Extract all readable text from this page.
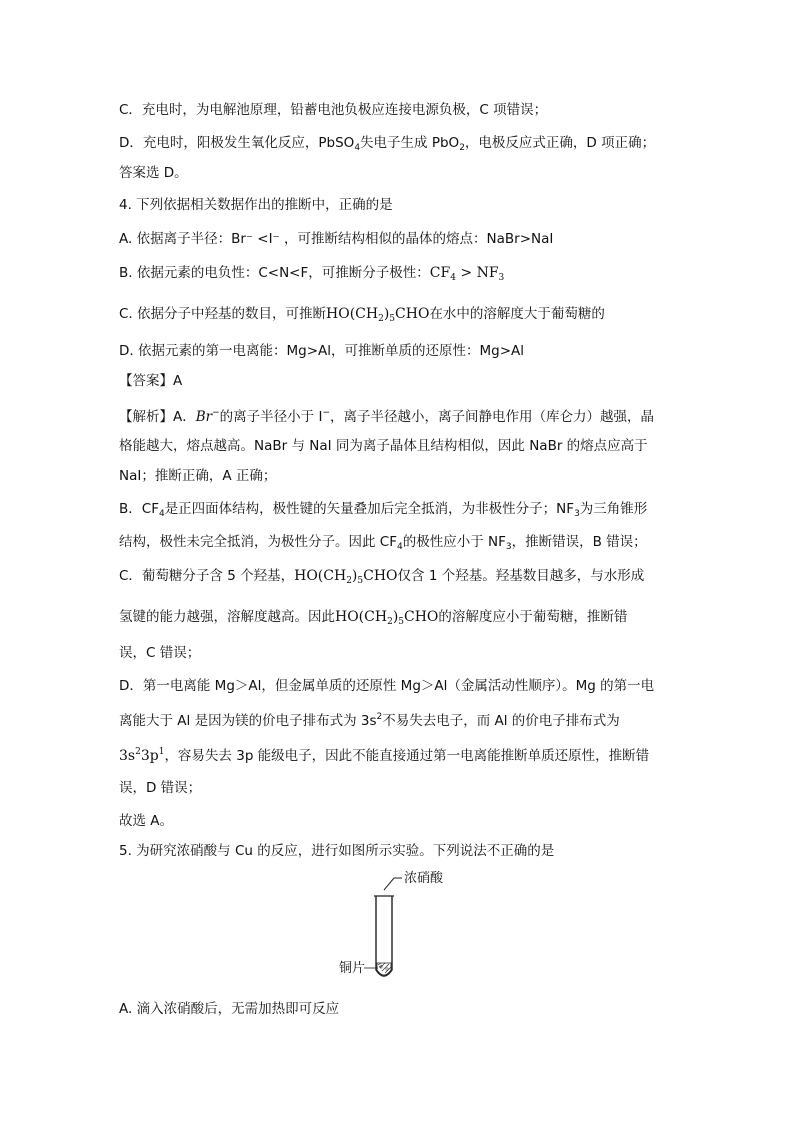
C．充电时，为电解池原理，铅蓄电池负极应连接电源负极，C 项错误；
D．充电时，阳极发生氧化反应，PbSO$_4$失电子生成 PbO$_2$，电极反应式正确，D 项正确；
答案选 D。
4. 下列依据相关数据作出的推断中，正确的是
A. 依据离子半径：Br⁻ <I⁻ ，可推断结构相似的晶体的熔点：NaBr>NaI
B. 依据元素的电负性：C<N<F，可推断分子极性：$CF_4 > NF_3$
C. 依据分子中羟基的数目，可推断$HO(CH_2)_5CHO$在水中的溶解度大于葡萄糖的
D. 依据元素的第一电离能：Mg>Al，可推断单质的还原性：Mg>Al
【答案】A
【解析】A．Br−的离子半径小于 I−，离子半径越小，离子间静电作用（库仑力）越强，晶
格能越大，熔点越高。NaBr 与 NaI 同为离子晶体且结构相似，因此 NaBr 的熔点应高于
NaI；推断正确，A 正确；
B．$CF_4$是正四面体结构，极性键的矢量叠加后完全抵消，为非极性分子；$NF_3$为三角锥形
结构，极性未完全抵消，为极性分子。因此 $CF_4$的极性应小于 $NF_3$，推断错误，B 错误；
C．葡萄糖分子含 5 个羟基，$HO(CH_2)_5CHO$仅含 1 个羟基。羟基数目越多，与水形成
氢键的能力越强，溶解度越高。因此$HO(CH_2)_5CHO$的溶解度应小于葡萄糖，推断错
误，C 错误；
D．第一电离能 Mg＞Al，但金属单质的还原性 Mg＞Al（金属活动性顺序）。Mg 的第一电
离能大于 Al 是因为镁的价电子排布式为 $3s^2$不易失去电子，而 Al 的价电子排布式为
$3s^23p^1$，容易失去 3p 能级电子，因此不能直接通过第一电离能推断单质还原性，推断错
误，D 错误；
故选 A。
5. 为研究浓硝酸与 Cu 的反应，进行如图所示实验。下列说法不正确的是
浓硝酸
铜片
A. 滴入浓硝酸后，无需加热即可反应
